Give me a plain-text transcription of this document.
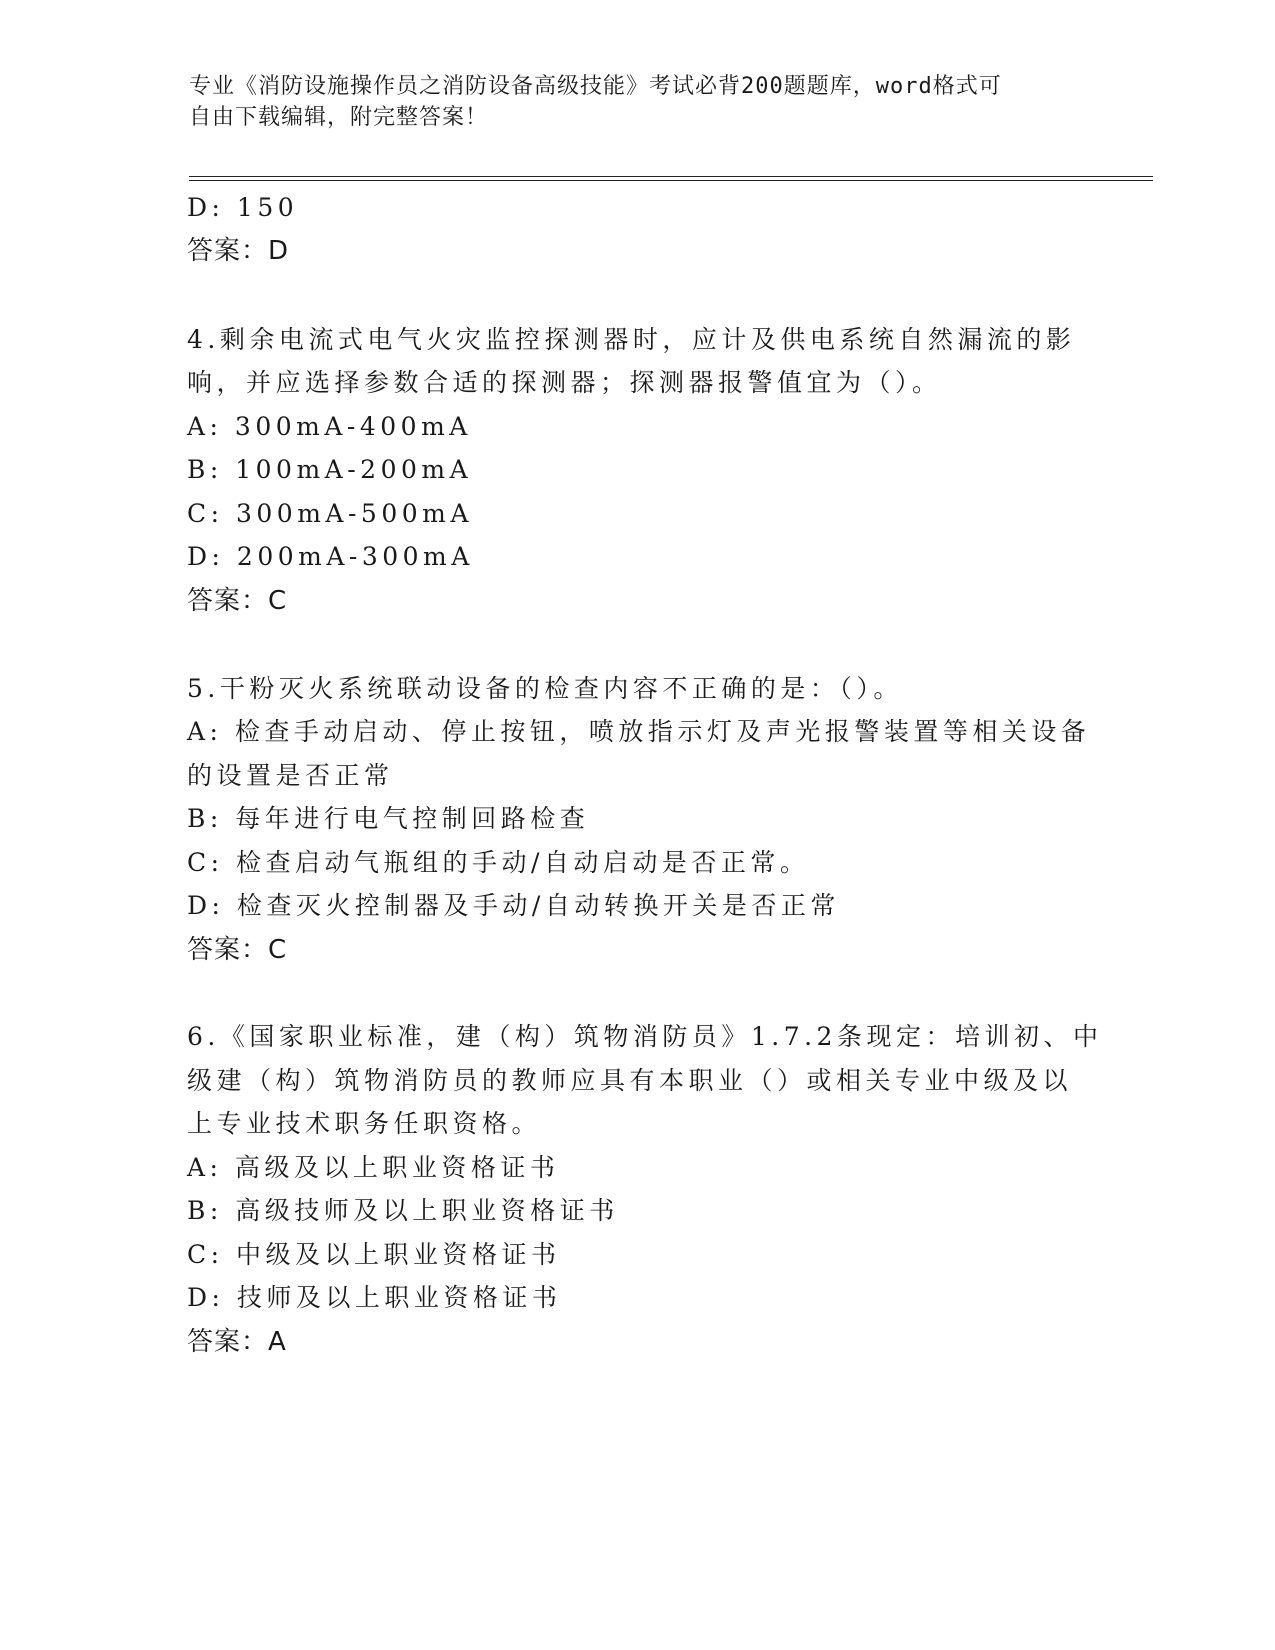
专业《消防设施操作员之消防设备高级技能》考试必背200题题库，word格式可
自由下载编辑，附完整答案！
D: 150
答案：D
4.剩余电流式电气火灾监控探测器时，应计及供电系统自然漏流的影
响，并应选择参数合适的探测器；探测器报警值宜为（）。
A: 300mA-400mA
B: 100mA-200mA
C: 300mA-500mA
D: 200mA-300mA
答案：C
5.干粉灭火系统联动设备的检查内容不正确的是：（）。
A: 检查手动启动、停止按钮，喷放指示灯及声光报警装置等相关设备
的设置是否正常
B: 每年进行电气控制回路检查
C: 检查启动气瓶组的手动/自动启动是否正常。
D: 检查灭火控制器及手动/自动转换开关是否正常
答案：C
6.《国家职业标准，建（构）筑物消防员》1.7.2条现定：培训初、中
级建（构）筑物消防员的教师应具有本职业（）或相关专业中级及以
上专业技术职务任职资格。
A: 高级及以上职业资格证书
B: 高级技师及以上职业资格证书
C: 中级及以上职业资格证书
D: 技师及以上职业资格证书
答案：A
